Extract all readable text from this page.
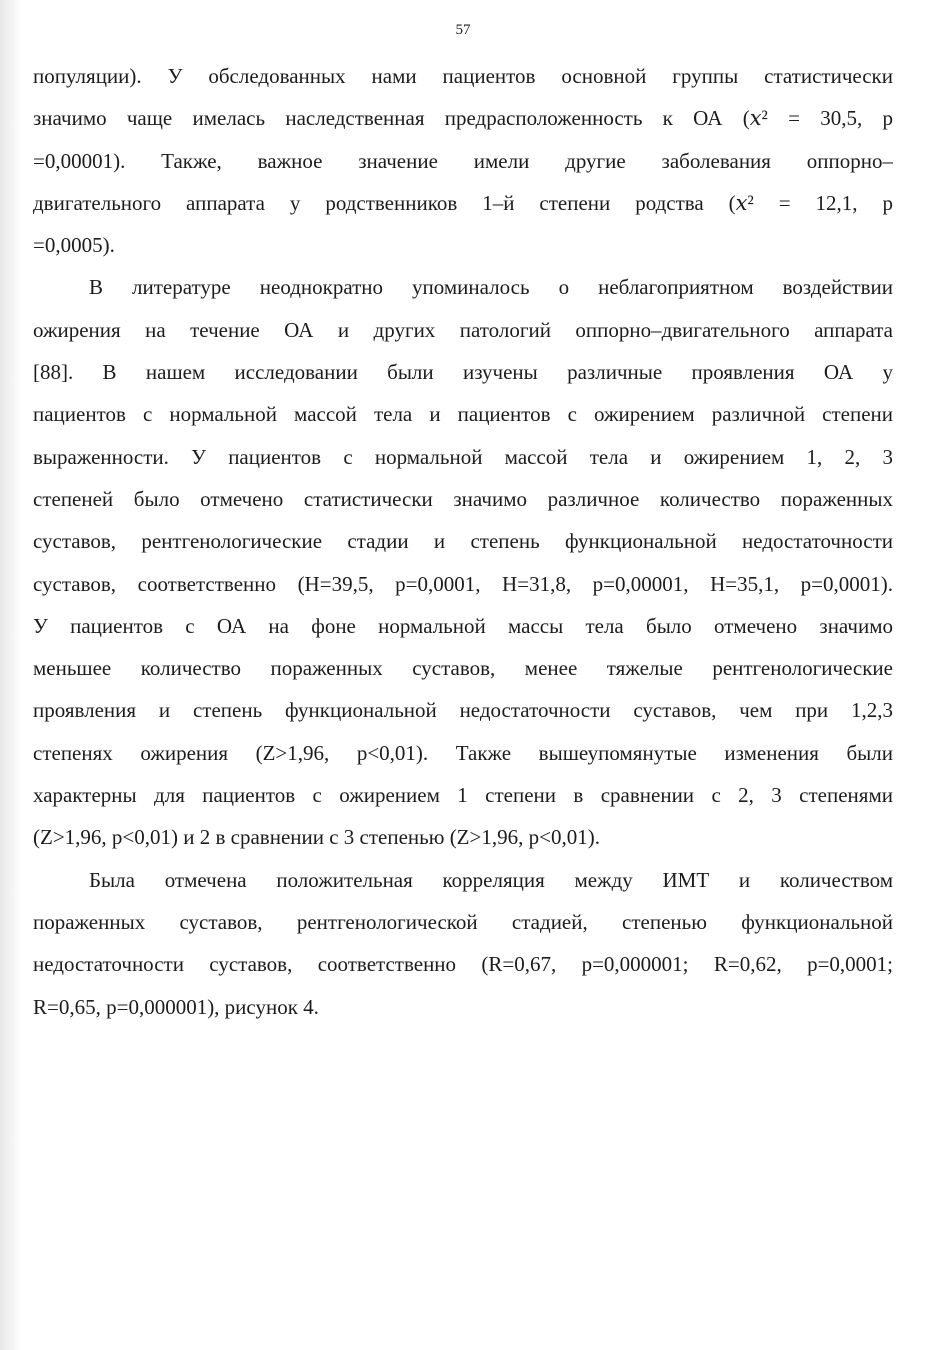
57
популяции). У обследованных нами пациентов основной группы статистически
значимо чаще имелась наследственная предрасположенность к ОА (𝑥² = 30,5, р
=0,00001). Также, важное значение имели другие заболевания оппорно–
двигательного аппарата у родственников 1–й степени родства (𝑥² = 12,1, р
=0,0005).
В литературе неоднократно упоминалось о неблагоприятном воздействии
ожирения на течение ОА и других патологий оппорно–двигательного аппарата
[88]. В нашем исследовании были изучены различные проявления ОА у
пациентов с нормальной массой тела и пациентов с ожирением различной степени
выраженности. У пациентов с нормальной массой тела и ожирением 1, 2, 3
степеней было отмечено статистически значимо различное количество пораженных
суставов, рентгенологические стадии и степень функциональной недостаточности
суставов, соответственно (H=39,5, p=0,0001, H=31,8, p=0,00001, H=35,1, p=0,0001).
У пациентов с ОА на фоне нормальной массы тела было отмечено значимо
меньшее количество пораженных суставов, менее тяжелые рентгенологические
проявления и степень функциональной недостаточности суставов, чем при 1,2,3
степенях ожирения (Z>1,96, p<0,01). Также вышеупомянутые изменения были
характерны для пациентов с ожирением 1 степени в сравнении с 2, 3 степенями
(Z>1,96, p<0,01) и 2 в сравнении с 3 степенью (Z>1,96, p<0,01).
Была отмечена положительная корреляция между ИМТ и количеством
пораженных суставов, рентгенологической стадией, степенью функциональной
недостаточности суставов, соответственно (R=0,67, p=0,000001; R=0,62, p=0,0001;
R=0,65, p=0,000001), рисунок 4.
